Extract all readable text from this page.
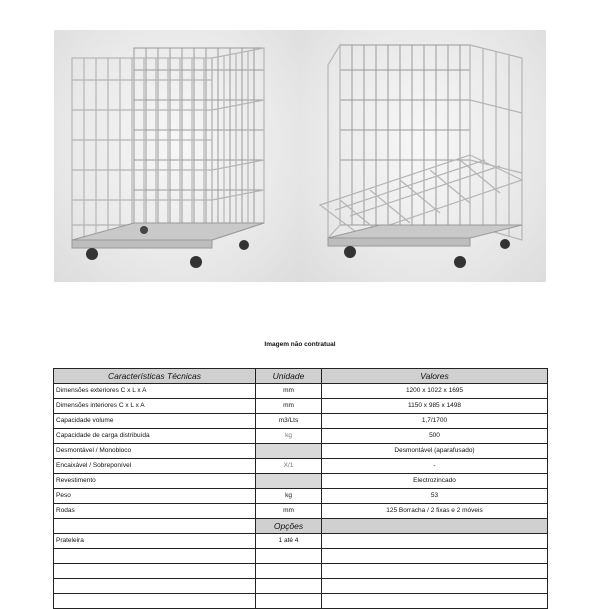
Imagem não contratual
Características Técnicas	Unidade	Valores
Dimensões exteriores C x L x A	mm	1200 x 1022 x 1695
Dimensões interiores C x L x A	mm	1150 x 985 x 1498
Capacidade volume	m3/Lts	1,7/1700
Capacidade de carga distribuída	kg	500
Desmontável / Monobloco		Desmontável (aparafusado)
Encaixável / Sobreponível	X/1	-
Revestimento		Electrozincado
Peso	kg	53
Rodas	mm	125 Borracha / 2 fixas e 2 móveis
	Opções	
Prateleira	1 até 4	
